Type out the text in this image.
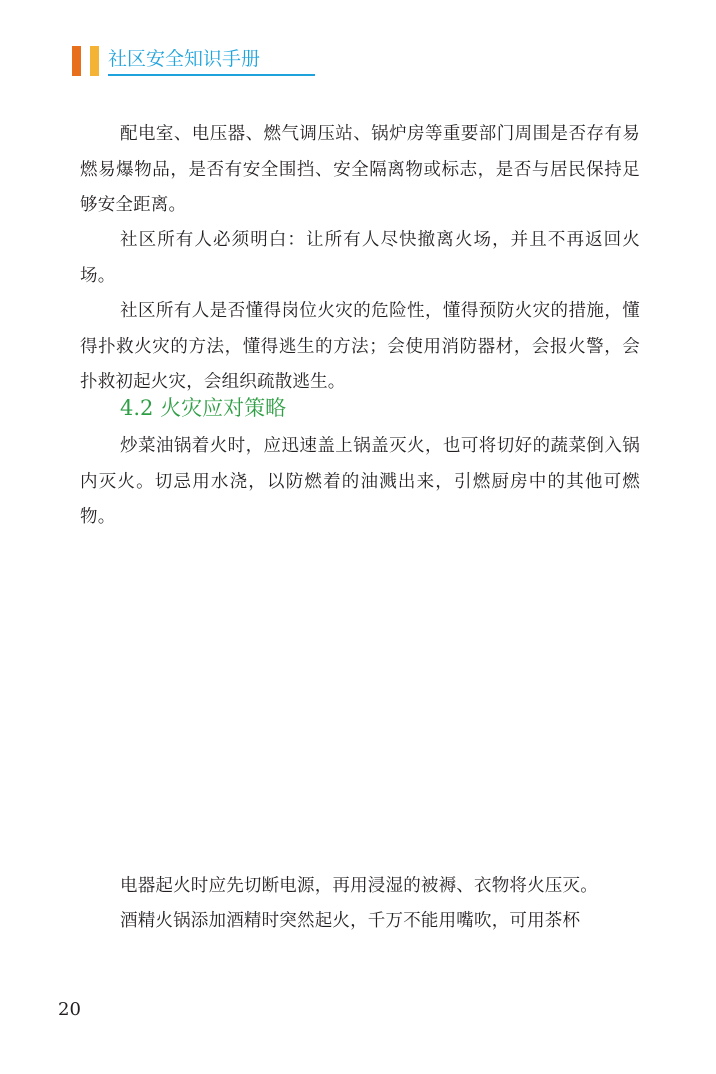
社区安全知识手册

配电室、电压器、燃气调压站、锅炉房等重要部门周围是否存有易燃易爆物品，是否有安全围挡、安全隔离物或标志，是否与居民保持足够安全距离。

社区所有人必须明白：让所有人尽快撤离火场，并且不再返回火场。

社区所有人是否懂得岗位火灾的危险性，懂得预防火灾的措施，懂得扑救火灾的方法，懂得逃生的方法；会使用消防器材，会报火警，会扑救初起火灾，会组织疏散逃生。

4.2 火灾应对策略

炒菜油锅着火时，应迅速盖上锅盖灭火，也可将切好的蔬菜倒入锅内灭火。切忌用水浇，以防燃着的油溅出来，引燃厨房中的其他可燃物。

电器起火时应先切断电源，再用浸湿的被褥、衣物将火压灭。

酒精火锅添加酒精时突然起火，千万不能用嘴吹，可用茶杯

20
